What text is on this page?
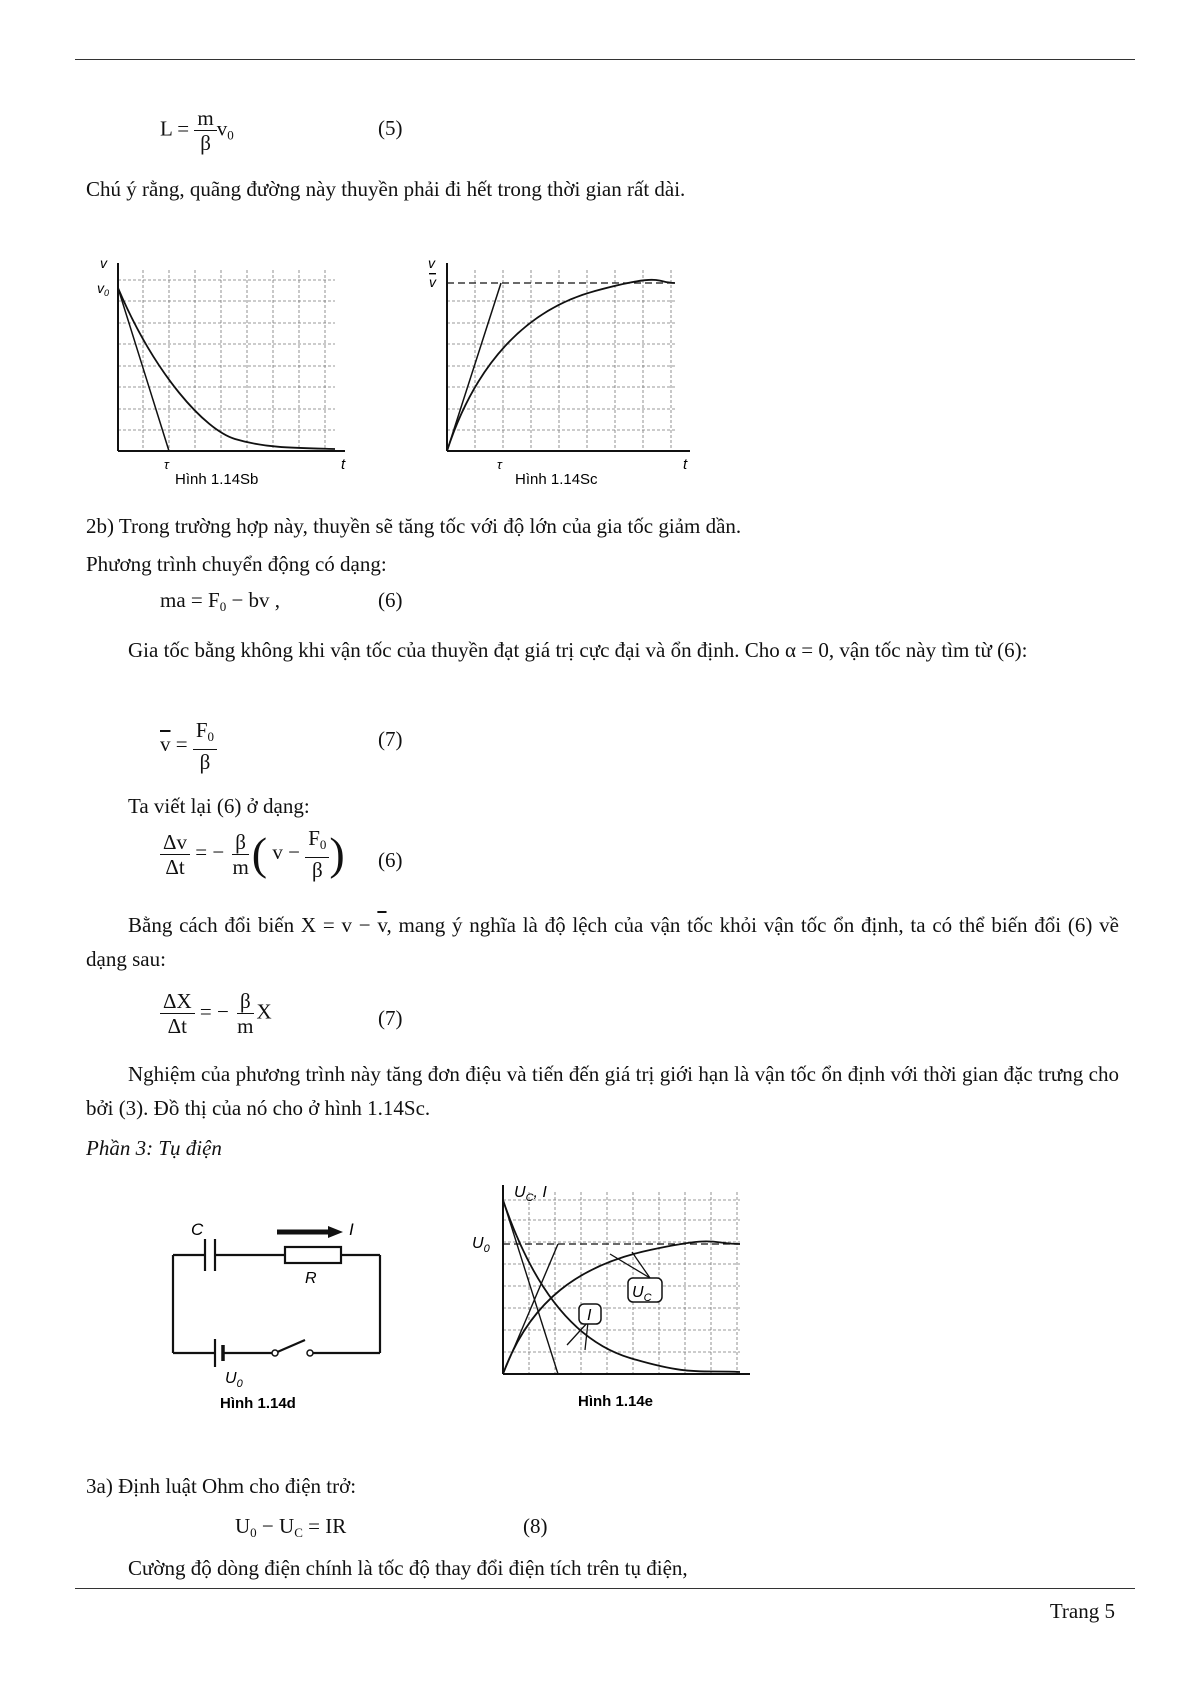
$L = \frac{m}{\beta} v_0$	(5)
Chú ý rằng, quãng đường này thuyền phải đi hết trong thời gian rất dài.
v
$v_0$
τ	t
Hình 1.14Sb
v
v
τ	t
Hình 1.14Sc
2b) Trong trường hợp này, thuyền sẽ tăng tốc với độ lớn của gia tốc giảm dần.
Phương trình chuyển động có dạng:
ma = $F_0$ − bv ,	(6)
Gia tốc bằng không khi vận tốc của thuyền đạt giá trị cực đại và ổn định. Cho α = 0, vận tốc này tìm từ (6):
$\overline{v} = \frac{F_0}{\beta}$	(7)
Ta viết lại (6) ở dạng:
$\frac{\Delta v}{\Delta t}$ = − $\frac{\beta}{m}$ ( $v - \frac{F_0}{\beta}$ ) (6)
Bằng cách đổi biến $X = v - \overline{v}$, mang ý nghĩa là độ lệch của vận tốc khỏi vận tốc ổn định, ta có thể biến đổi (6) về dạng sau:
$\frac{\Delta X}{\Delta t}$ = − $\frac{\beta}{m}$ X	(7)
Nghiệm của phương trình này tăng đơn điệu và tiến đến giá trị giới hạn là vận tốc ổn định với thời gian đặc trưng cho bởi (3). Đồ thị của nó cho ở hình 1.14Sc.
Phần 3: Tụ điện
C	I
R
$U_0$
Hình 1.14d
$U_C$
I
$U_C$, I
$U_0$
Hình 1.14e
3a) Định luật Ohm cho điện trở:
$U_0 - U_C$ = IR	(8)
Cường độ dòng điện chính là tốc độ thay đổi điện tích trên tụ điện,
Trang 5
